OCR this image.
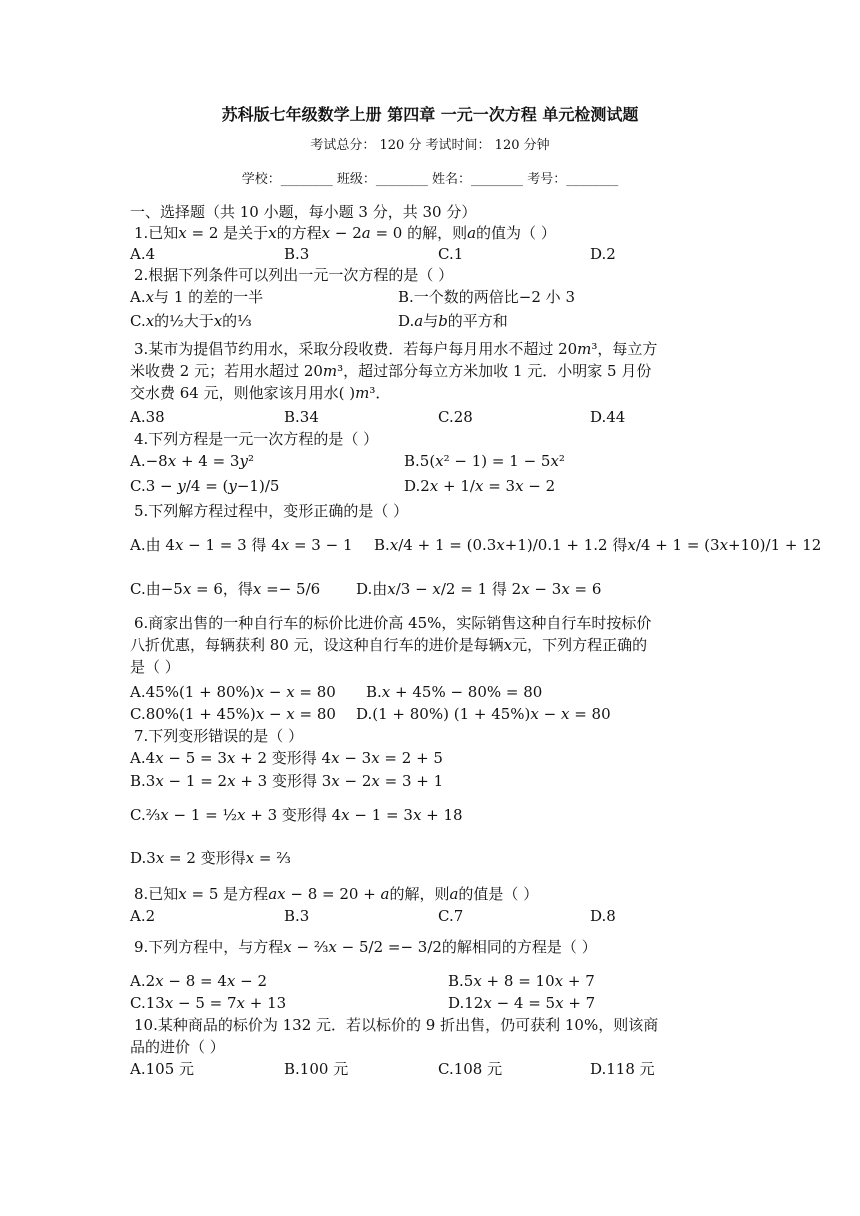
苏科版七年级数学上册 第四章 一元一次方程 单元检测试题
考试总分： 120 分 考试时间： 120 分钟
学校：________ 班级：________ 姓名：________ 考号：________
一、选择题（共 10 小题，每小题 3 分，共 30 分）
1.已知𝑥 = 2 是关于𝑥的方程𝑥 − 2𝑎 = 0 的解，则𝑎的值为（ ）
A.4	B.3	C.1	D.2
2.根据下列条件可以列出一元一次方程的是（ ）
A.𝑥与 1 的差的一半	B.一个数的两倍比−2 小 3
C.𝑥的½大于𝑥的⅓	D.𝑎与𝑏的平方和
3.某市为提倡节约用水，采取分段收费．若每户每月用水不超过 20𝑚³，每立方
米收费 2 元；若用水超过 20𝑚³，超过部分每立方米加收 1 元．小明家 5 月份
交水费 64 元，则他家该月用水( )𝑚³．
A.38	B.34	C.28	D.44
4.下列方程是一元一次方程的是（ ）
A.−8𝑥 + 4 = 3𝑦²	B.5(𝑥² − 1) = 1 − 5𝑥²
C.3 − 𝑦/4 = (𝑦−1)/5	D.2𝑥 + 1/𝑥 = 3𝑥 − 2
5.下列解方程过程中，变形正确的是（ ）
A.由 4𝑥 − 1 = 3 得 4𝑥 = 3 − 1 B.𝑥/4 + 1 = (0.3𝑥+1)/0.1 + 1.2 得𝑥/4 + 1 = (3𝑥+10)/1 + 12
C.由−5𝑥 = 6，得𝑥 =− 5/6 D.由𝑥/3 − 𝑥/2 = 1 得 2𝑥 − 3𝑥 = 6
6.商家出售的一种自行车的标价比进价高 45%，实际销售这种自行车时按标价
八折优惠，每辆获利 80 元，设这种自行车的进价是每辆𝑥元，下列方程正确的
是（ ）
A.45%(1 + 80%)𝑥 − 𝑥 = 80 B.𝑥 + 45% − 80% = 80
C.80%(1 + 45%)𝑥 − 𝑥 = 80 D.(1 + 80%) (1 + 45%)𝑥 − 𝑥 = 80
7.下列变形错误的是（ ）
A.4𝑥 − 5 = 3𝑥 + 2 变形得 4𝑥 − 3𝑥 = 2 + 5
B.3𝑥 − 1 = 2𝑥 + 3 变形得 3𝑥 − 2𝑥 = 3 + 1
C.⅔𝑥 − 1 = ½𝑥 + 3 变形得 4𝑥 − 1 = 3𝑥 + 18
D.3𝑥 = 2 变形得𝑥 = ⅔
8.已知𝑥 = 5 是方程𝑎𝑥 − 8 = 20 + 𝑎的解，则𝑎的值是（ ）
A.2	B.3	C.7	D.8
9.下列方程中，与方程𝑥 − ⅔𝑥 − 5/2 =− 3/2的解相同的方程是（ ）
A.2𝑥 − 8 = 4𝑥 − 2	B.5𝑥 + 8 = 10𝑥 + 7
C.13𝑥 − 5 = 7𝑥 + 13	D.12𝑥 − 4 = 5𝑥 + 7
10.某种商品的标价为 132 元．若以标价的 9 折出售，仍可获利 10%，则该商
品的进价（ ）
A.105 元	B.100 元	C.108 元	D.118 元
